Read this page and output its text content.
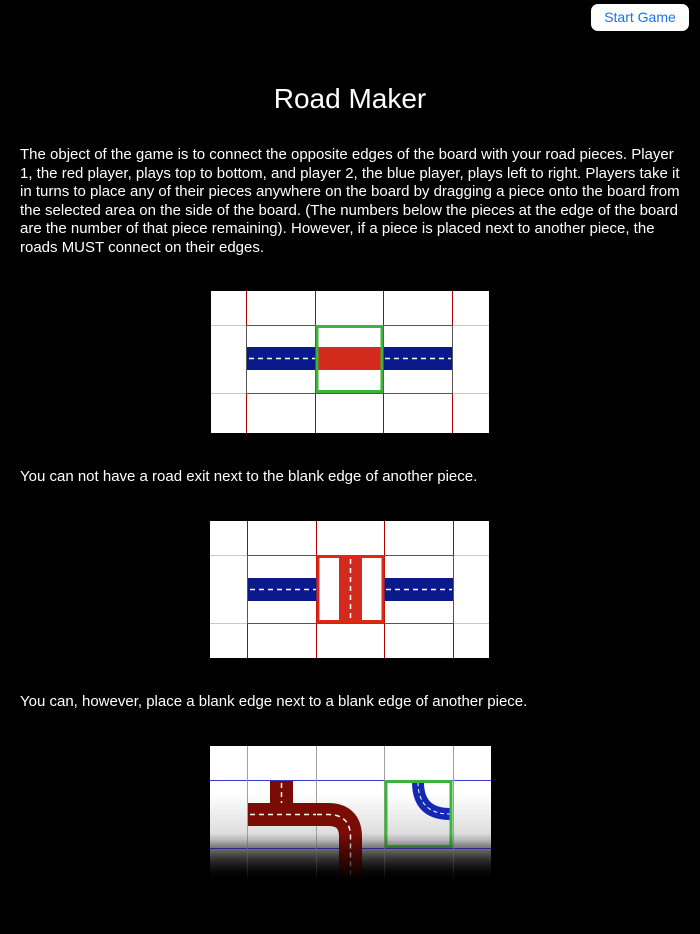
Start Game
Road Maker

The object of the game is to connect the opposite edges of the board with your road pieces. Player 1, the red player, plays top to bottom, and player 2, the blue player, plays left to right. Players take it in turns to place any of their pieces anywhere on the board by dragging a piece onto the board from the selected area on the side of the board. (The numbers below the pieces at the edge of the board are the number of that piece remaining). However, if a piece is placed next to another piece, the roads MUST connect on their edges.

You can not have a road exit next to the blank edge of another piece.

You can, however, place a blank edge next to a blank edge of another piece.
